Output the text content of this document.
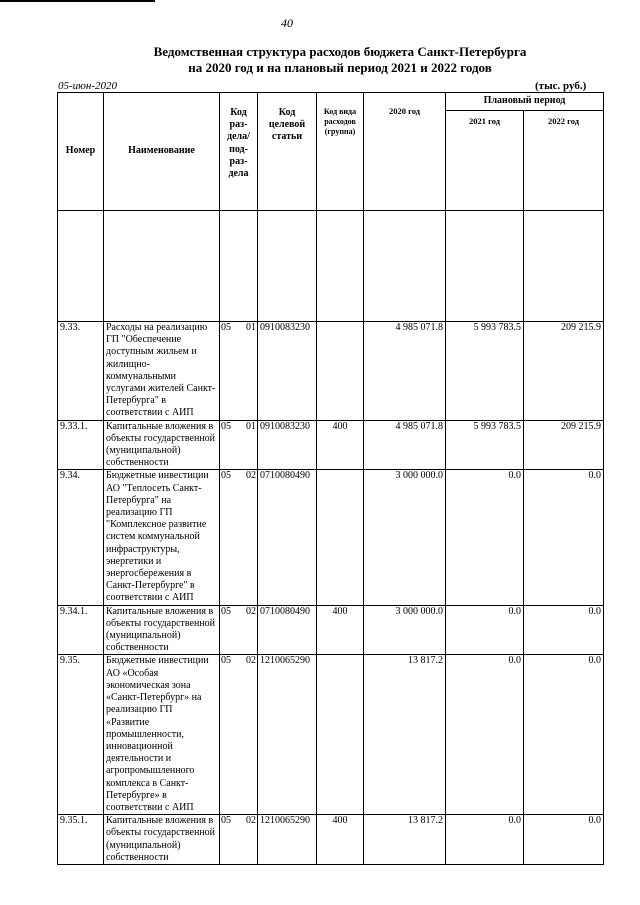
40
Ведомственная структура расходов бюджета Санкт-Петербурга
на 2020 год и на плановый период 2021 и 2022 годов
05-июн-2020	(тыс. руб.)
Номер	Наименование	Код раз-дела/под-раз-дела	Код целевой статьи	Код вида расходов (группа)	2020 год	Плановый период	
						2021 год	2022 год

9.33.	Расходы на реализацию ГП "Обеспечение доступным жильем и жилищно-коммунальными услугами жителей Санкт-Петербурга" в соответствии с АИП	05 01	0910083230		4 985 071.8	5 993 783.5	209 215.9
9.33.1.	Капитальные вложения в объекты государственной (муниципальной) собственности	05 01	0910083230	400	4 985 071.8	5 993 783.5	209 215.9
9.34.	Бюджетные инвестиции АО "Теплосеть Санкт-Петербурга" на реализацию ГП "Комплексное развитие систем коммунальной инфраструктуры, энергетики и энергосбережения в Санкт-Петербурге" в соответствии с АИП	05 02	0710080490		3 000 000.0	0.0	0.0
9.34.1.	Капитальные вложения в объекты государственной (муниципальной) собственности	05 02	0710080490	400	3 000 000.0	0.0	0.0
9.35.	Бюджетные инвестиции АО «Особая экономическая зона «Санкт-Петербург» на реализацию ГП «Развитие промышленности, инновационной деятельности и агропромышленного комплекса в Санкт-Петербурге» в соответствии с АИП	05 02	1210065290		13 817.2	0.0	0.0
9.35.1.	Капитальные вложения в объекты государственной (муниципальной) собственности	05 02	1210065290	400	13 817.2	0.0	0.0
